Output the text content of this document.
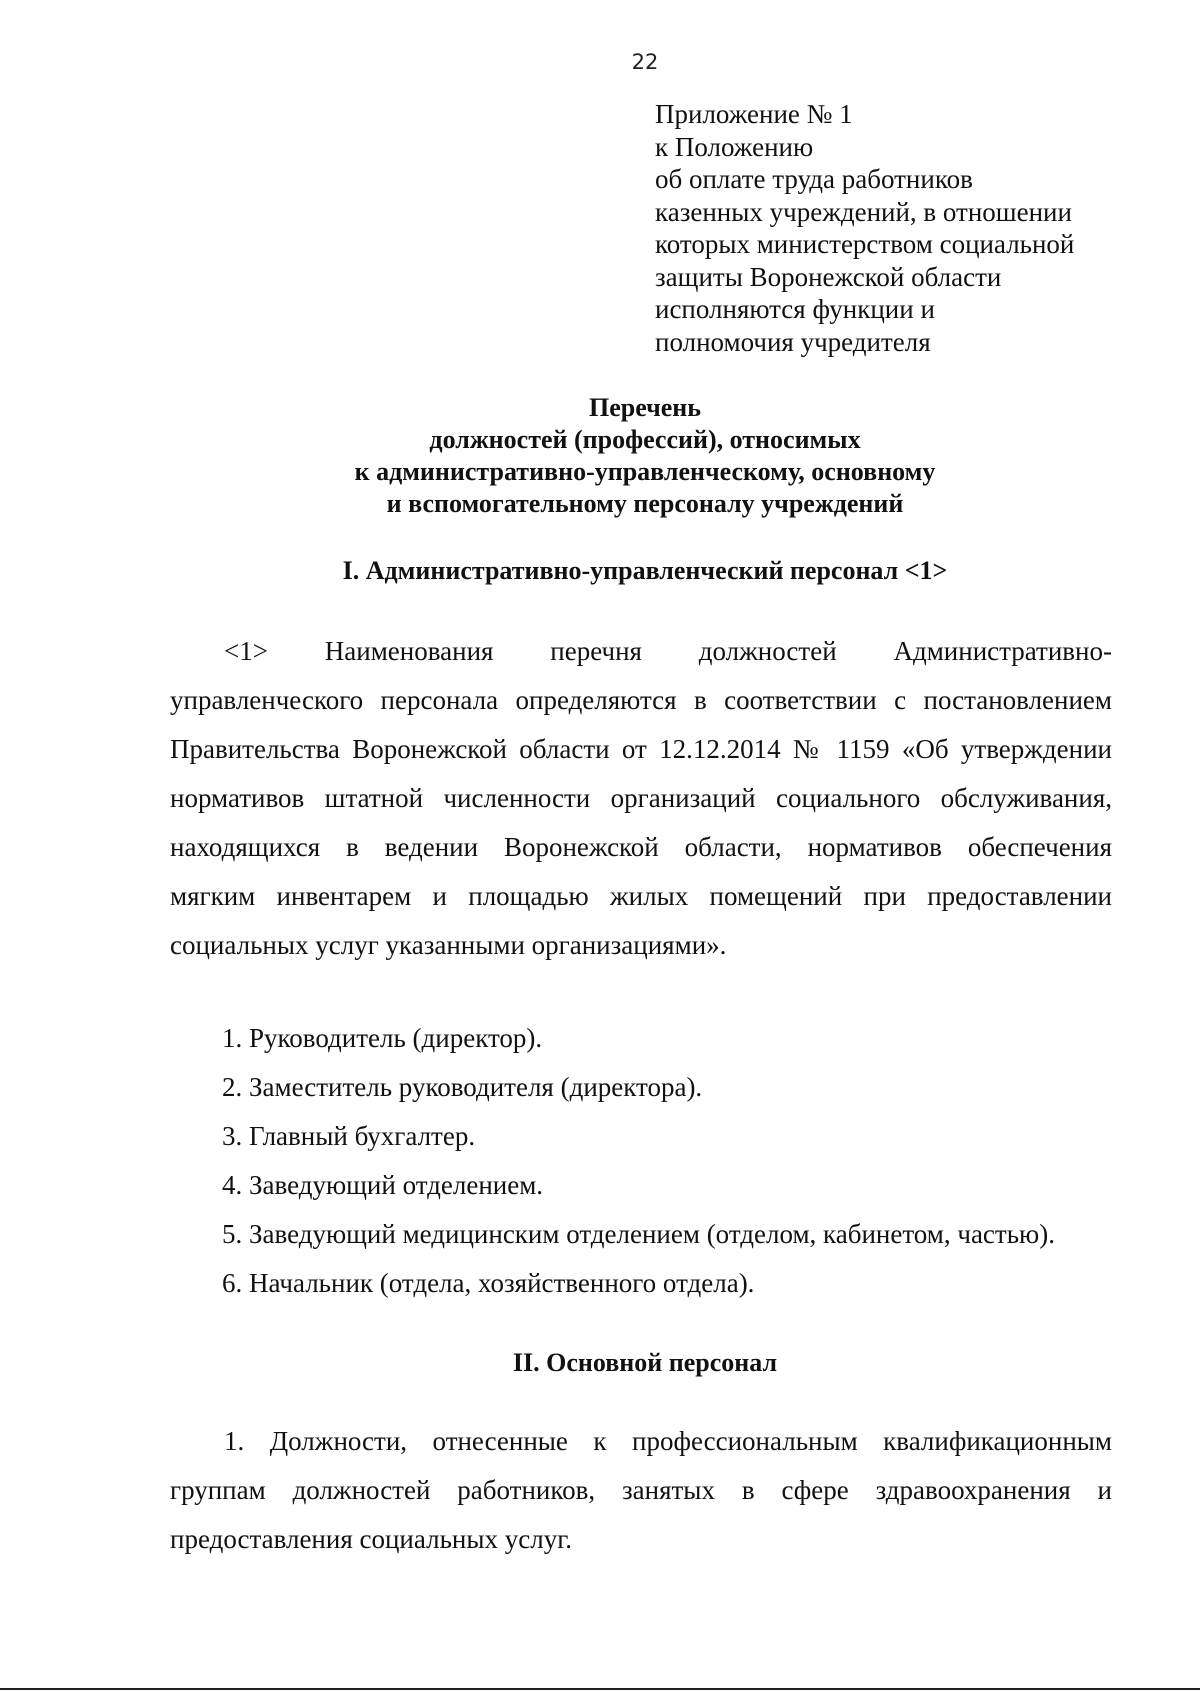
22
Приложение № 1
к Положению
об оплате труда работников
казенных учреждений, в отношении
которых министерством социальной
защиты Воронежской области
исполняются функции и
полномочия учредителя
Перечень
должностей (профессий), относимых
к административно-управленческому, основному
и вспомогательному персоналу учреждений
I. Административно-управленческий персонал <1>
<1> Наименования перечня должностей Административно-
управленческого персонала определяются в соответствии с постановлением
Правительства Воронежской области от 12.12.2014 № 1159 «Об утверждении
нормативов штатной численности организаций социального обслуживания,
находящихся в ведении Воронежской области, нормативов обеспечения
мягким инвентарем и площадью жилых помещений при предоставлении
социальных услуг указанными организациями».
1. Руководитель (директор).
2. Заместитель руководителя (директора).
3. Главный бухгалтер.
4. Заведующий отделением.
5. Заведующий медицинским отделением (отделом, кабинетом, частью).
6. Начальник (отдела, хозяйственного отдела).
II. Основной персонал
1. Должности, отнесенные к профессиональным квалификационным
группам должностей работников, занятых в сфере здравоохранения и
предоставления социальных услуг.
